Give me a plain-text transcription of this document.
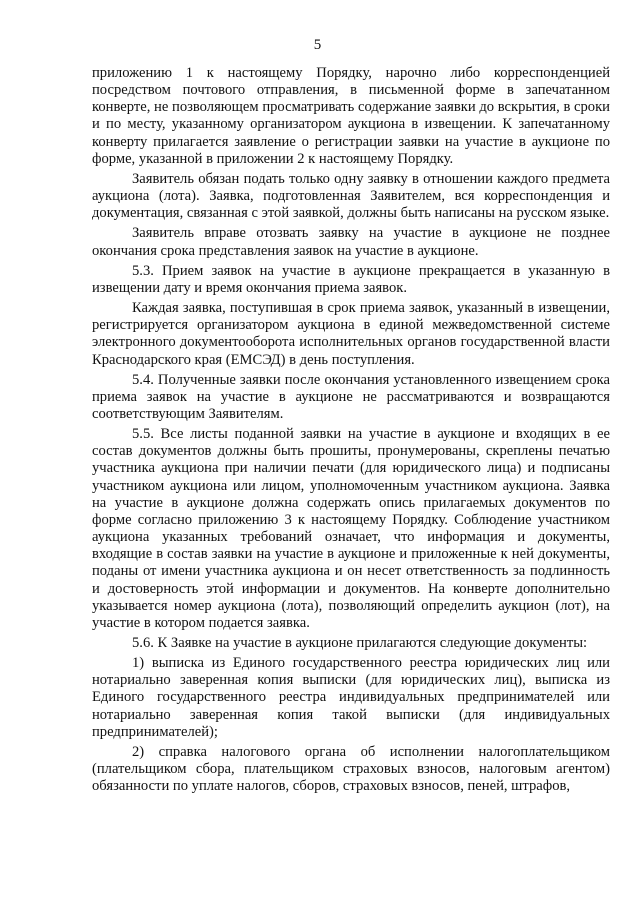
5

приложению 1 к настоящему Порядку, нарочно либо корреспонденцией посредством почтового отправления, в письменной форме в запечатанном конверте, не позволяющем просматривать содержание заявки до вскрытия, в сроки и по месту, указанному организатором аукциона в извещении. К запечатанному конверту прилагается заявление о регистрации заявки на участие в аукционе по форме, указанной в приложении 2 к настоящему Порядку.

Заявитель обязан подать только одну заявку в отношении каждого предмета аукциона (лота). Заявка, подготовленная Заявителем, вся корреспонденция и документация, связанная с этой заявкой, должны быть написаны на русском языке.

Заявитель вправе отозвать заявку на участие в аукционе не позднее окончания срока представления заявок на участие в аукционе.

5.3. Прием заявок на участие в аукционе прекращается в указанную в извещении дату и время окончания приема заявок.

Каждая заявка, поступившая в срок приема заявок, указанный в извещении, регистрируется организатором аукциона в единой межведомственной системе электронного документооборота исполнительных органов государственной власти Краснодарского края (ЕМСЭД) в день поступления.

5.4. Полученные заявки после окончания установленного извещением срока приема заявок на участие в аукционе не рассматриваются и возвращаются соответствующим Заявителям.

5.5. Все листы поданной заявки на участие в аукционе и входящих в ее состав документов должны быть прошиты, пронумерованы, скреплены печатью участника аукциона при наличии печати (для юридического лица) и подписаны участником аукциона или лицом, уполномоченным участником аукциона. Заявка на участие в аукционе должна содержать опись прилагаемых документов по форме согласно приложению 3 к настоящему Порядку. Соблюдение участником аукциона указанных требований означает, что информация и документы, входящие в состав заявки на участие в аукционе и приложенные к ней документы, поданы от имени участника аукциона и он несет ответственность за подлинность и достоверность этой информации и документов. На конверте дополнительно указывается номер аукциона (лота), позволяющий определить аукцион (лот), на участие в котором подается заявка.

5.6. К Заявке на участие в аукционе прилагаются следующие документы:

1) выписка из Единого государственного реестра юридических лиц или нотариально заверенная копия выписки (для юридических лиц), выписка из Единого государственного реестра индивидуальных предпринимателей или нотариально заверенная копия такой выписки (для индивидуальных предпринимателей);

2) справка налогового органа об исполнении налогоплательщиком (плательщиком сбора, плательщиком страховых взносов, налоговым агентом) обязанности по уплате налогов, сборов, страховых взносов, пеней, штрафов,
